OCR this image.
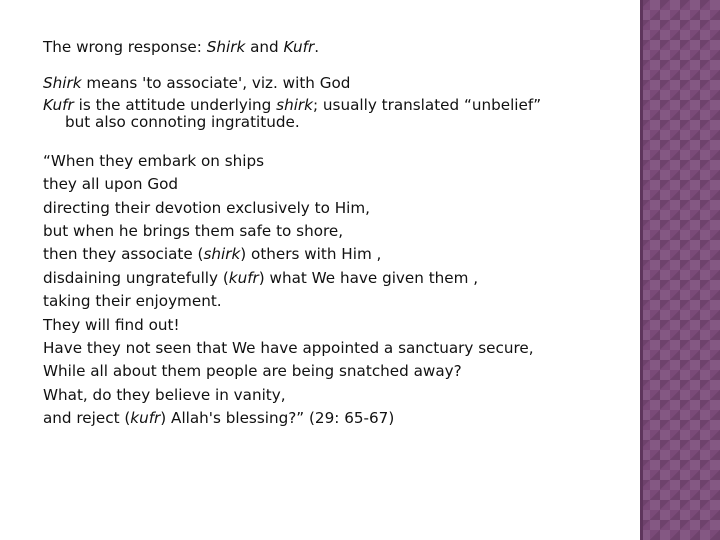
The wrong response: Shirk and Kufr.

Shirk means 'to associate', viz. with God

Kufr is the attitude underlying shirk; usually translated “unbelief”

but also connoting ingratitude.

“When they embark on ships

they all upon God

directing their devotion exclusively to Him,

but when he brings them safe to shore,

then they associate (shirk) others with Him ,

disdaining ungratefully (kufr) what We have given them ,

taking their enjoyment.

They will find out!

Have they not seen that We have appointed a sanctuary secure,

While all about them people are being snatched away?

What, do they believe in vanity,

and reject (kufr) Allah's blessing?” (29: 65-67)
